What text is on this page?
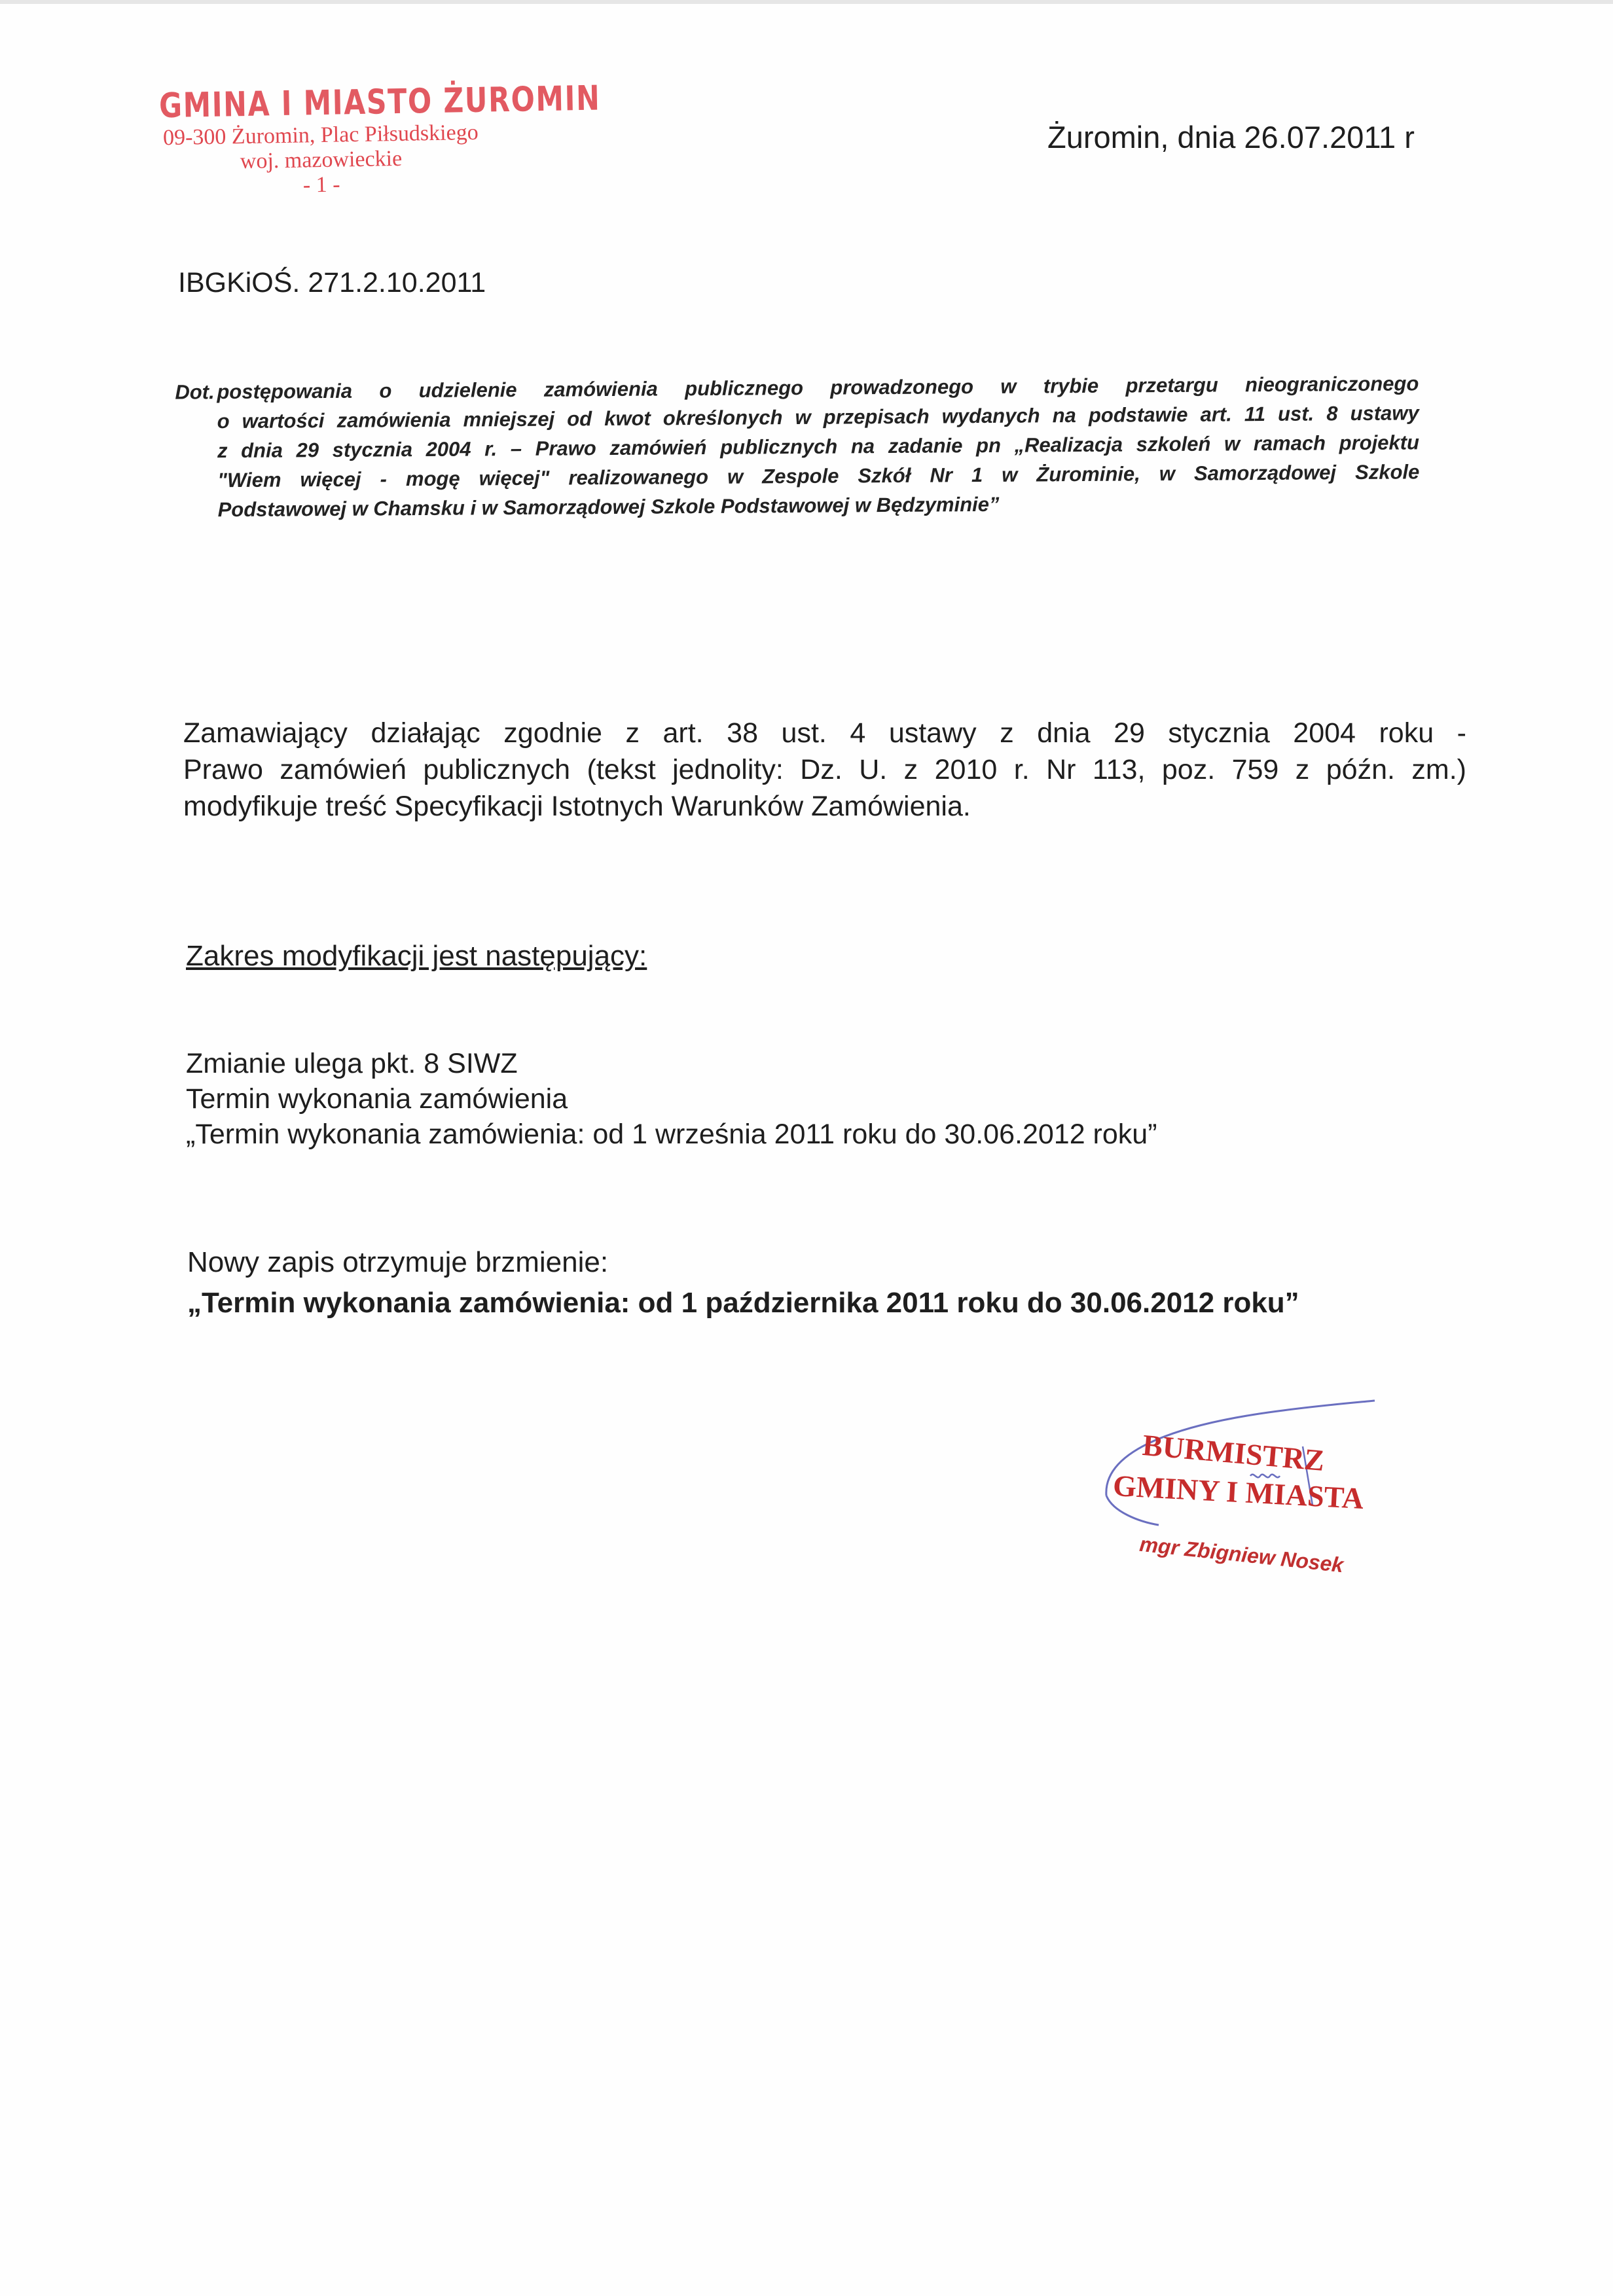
GMINA I MIASTO ŻUROMIN
09-300 Żuromin, Plac Piłsudskiego
woj. mazowieckie
- 1 -
Żuromin, dnia 26.07.2011 r
IBGKiOŚ. 271.2.10.2011
Dot. postępowania o udzielenie zamówienia publicznego prowadzonego w trybie przetargu nieograniczonego
o wartości zamówienia mniejszej od kwot określonych w przepisach wydanych na podstawie art. 11 ust. 8 ustawy
z dnia 29 stycznia 2004 r. – Prawo zamówień publicznych na zadanie pn „Realizacja szkoleń w ramach projektu
"Wiem więcej - mogę więcej" realizowanego w Zespole Szkół Nr 1 w Żurominie, w Samorządowej Szkole
Podstawowej w Chamsku i w Samorządowej Szkole Podstawowej w Będzyminie”
Zamawiający działając zgodnie z art. 38 ust. 4 ustawy z dnia 29 stycznia 2004 roku -
Prawo zamówień publicznych (tekst jednolity: Dz. U. z 2010 r. Nr 113, poz. 759 z późn. zm.)
modyfikuje treść Specyfikacji Istotnych Warunków Zamówienia.
Zakres modyfikacji jest następujący:
Zmianie ulega pkt. 8 SIWZ
Termin wykonania zamówienia
„Termin wykonania zamówienia: od 1 września 2011 roku do 30.06.2012 roku”
Nowy zapis otrzymuje brzmienie:
„Termin wykonania zamówienia: od 1 października 2011 roku do 30.06.2012 roku”
BURMISTRZ
GMINY I MIASTA
mgr Zbigniew Nosek
